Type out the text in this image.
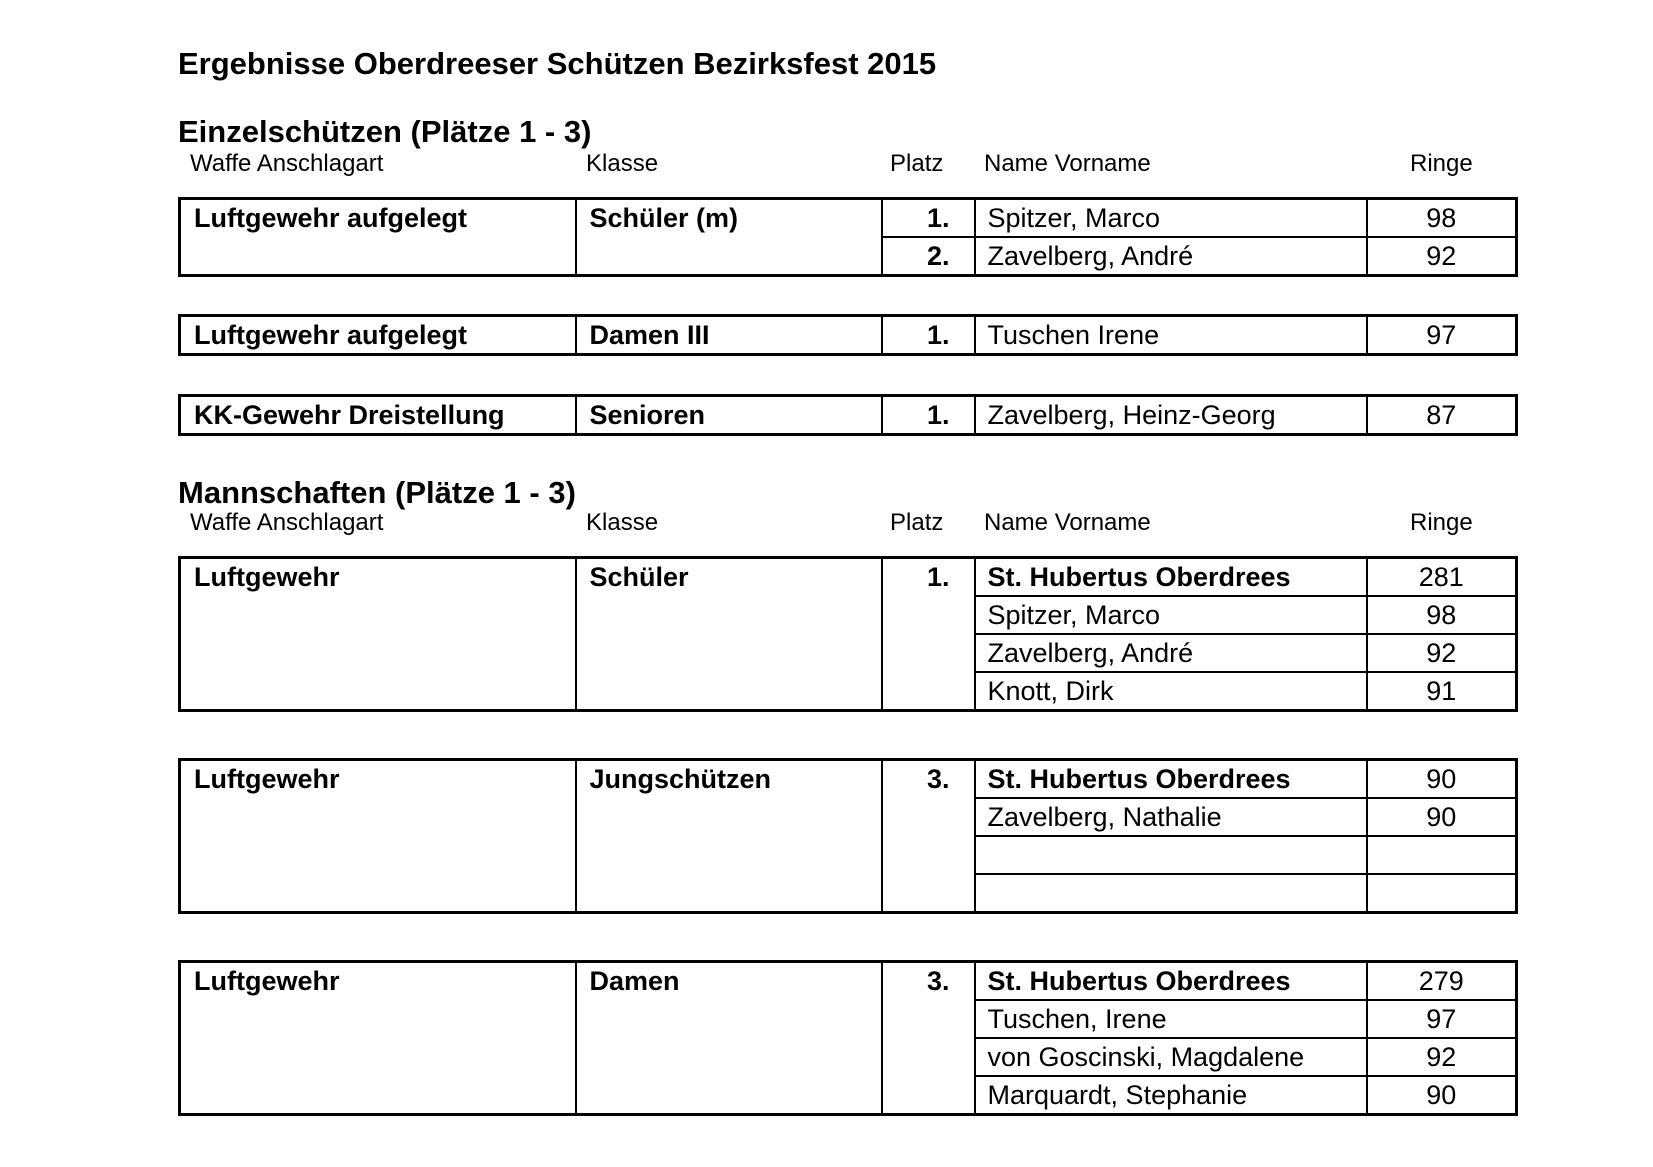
Ergebnisse Oberdreeser Schützen Bezirksfest 2015
Einzelschützen (Plätze 1 - 3)
Waffe Anschlagart	Klasse	Platz Name Vorname	Ringe
Luftgewehr aufgelegt	Schüler (m)	1.	Spitzer, Marco	98
		2.	Zavelberg, André	92
Luftgewehr aufgelegt	Damen III	1.	Tuschen Irene	97
KK-Gewehr Dreistellung	Senioren	1.	Zavelberg, Heinz-Georg	87
Mannschaften (Plätze 1 - 3)
Waffe Anschlagart	Klasse	Platz Name Vorname	Ringe
Luftgewehr	Schüler	1.	St. Hubertus Oberdrees	281
			Spitzer, Marco	98
			Zavelberg, André	92
			Knott, Dirk	91
Luftgewehr	Jungschützen	3.	St. Hubertus Oberdrees	90
			Zavelberg, Nathalie	90

Luftgewehr	Damen	3.	St. Hubertus Oberdrees	279
			Tuschen, Irene	97
			von Goscinski, Magdalene	92
			Marquardt, Stephanie	90
